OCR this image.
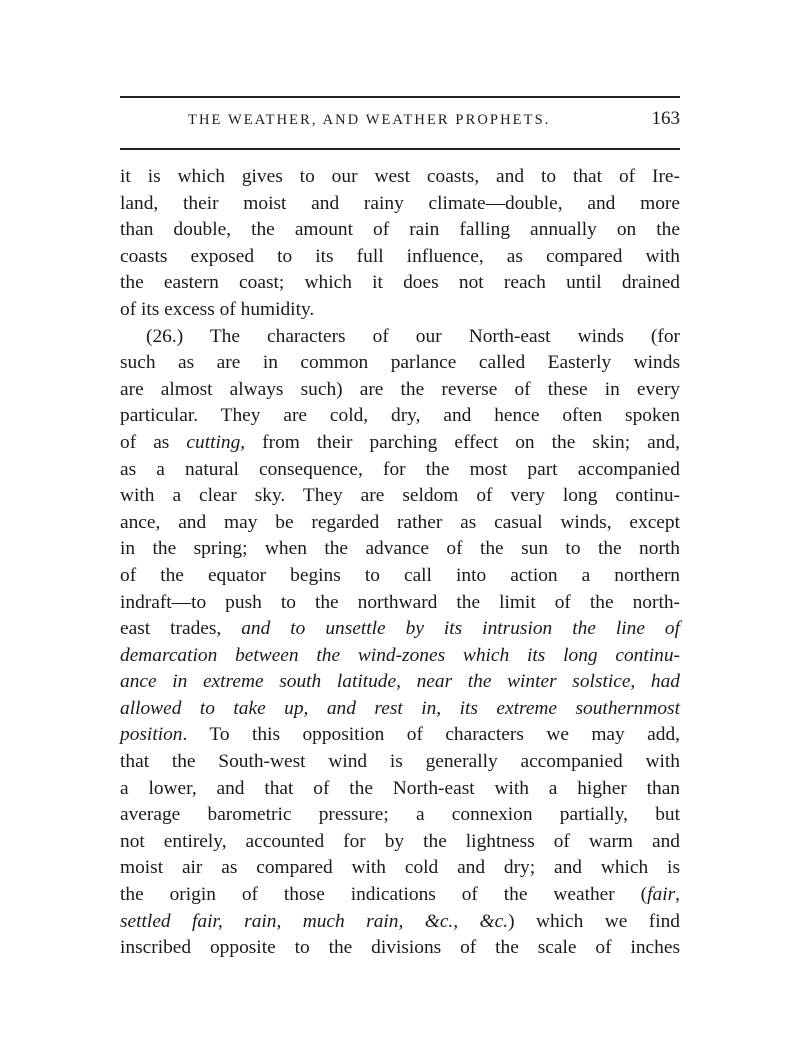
THE WEATHER, AND WEATHER PROPHETS.	163
it is which gives to our west coasts, and to that of Ire-
land, their moist and rainy climate—double, and more
than double, the amount of rain falling annually on the
coasts exposed to its full influence, as compared with
the eastern coast; which it does not reach until drained
of its excess of humidity.
(26.) The characters of our North-east winds (for
such as are in common parlance called Easterly winds
are almost always such) are the reverse of these in every
particular. They are cold, dry, and hence often spoken
of as cutting, from their parching effect on the skin; and,
as a natural consequence, for the most part accompanied
with a clear sky. They are seldom of very long continu-
ance, and may be regarded rather as casual winds, except
in the spring; when the advance of the sun to the north
of the equator begins to call into action a northern
indraft—to push to the northward the limit of the north-
east trades, and to unsettle by its intrusion the line of
demarcation between the wind-zones which its long continu-
ance in extreme south latitude, near the winter solstice, had
allowed to take up, and rest in, its extreme southernmost
position. To this opposition of characters we may add,
that the South-west wind is generally accompanied with
a lower, and that of the North-east with a higher than
average barometric pressure; a connexion partially, but
not entirely, accounted for by the lightness of warm and
moist air as compared with cold and dry; and which is
the origin of those indications of the weather (fair,
settled fair, rain, much rain, &c., &c.) which we find
inscribed opposite to the divisions of the scale of inches
